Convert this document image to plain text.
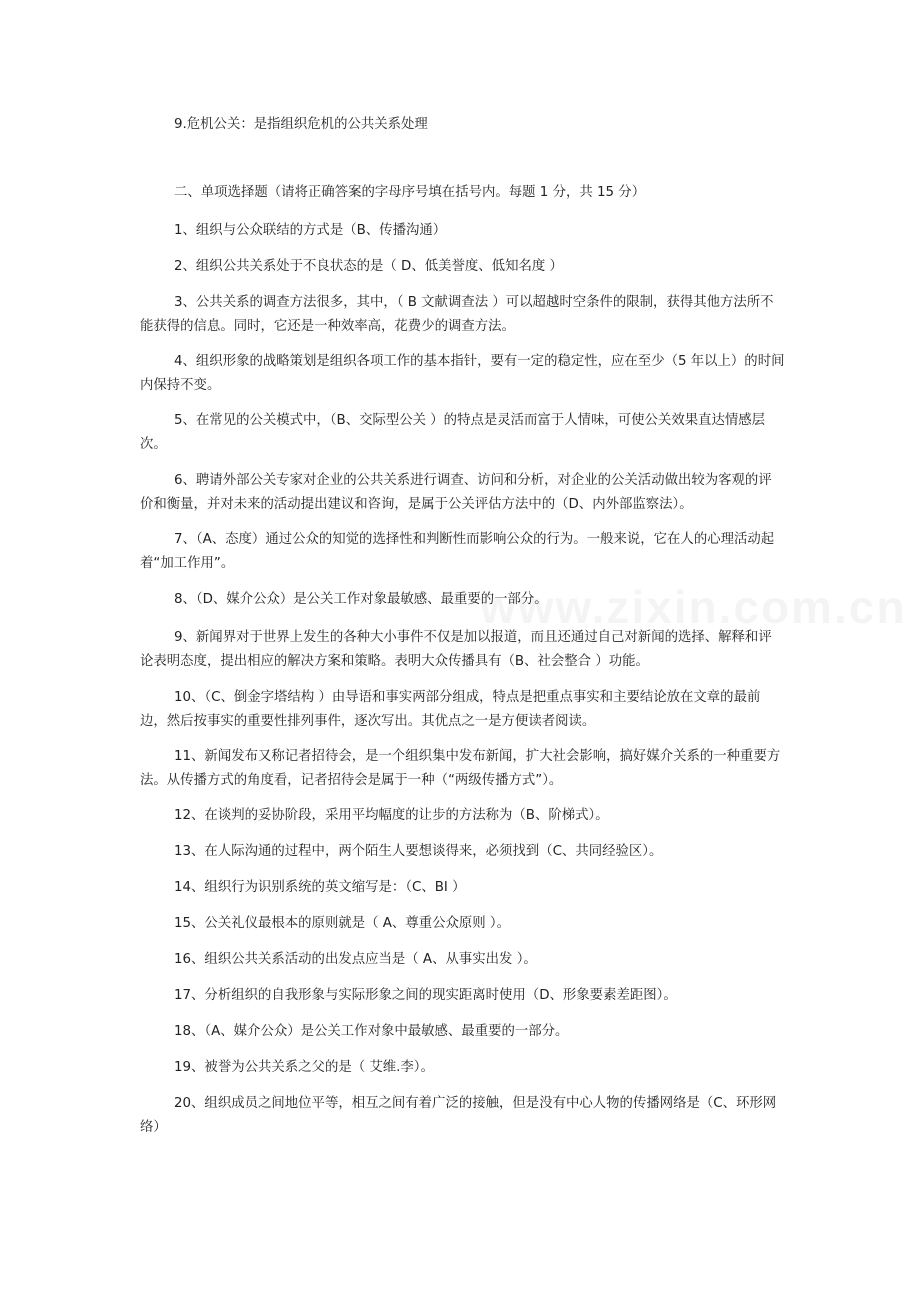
9.危机公关：是指组织危机的公共关系处理

二、单项选择题（请将正确答案的字母序号填在括号内。每题 1 分，共 15 分）

1、组织与公众联结的方式是（B、传播沟通）

2、组织公共关系处于不良状态的是（ D、低美誉度、低知名度 ）

3、公共关系的调查方法很多，其中，（ B 文献调查法 ）可以超越时空条件的限制，获得其他方法所不能获得的信息。同时，它还是一种效率高，花费少的调查方法。

4、组织形象的战略策划是组织各项工作的基本指针，要有一定的稳定性，应在至少（5 年以上）的时间内保持不变。

5、在常见的公关模式中，（B、交际型公关 ）的特点是灵活而富于人情味，可使公关效果直达情感层次。

6、聘请外部公关专家对企业的公共关系进行调查、访问和分析，对企业的公关活动做出较为客观的评价和衡量，并对未来的活动提出建议和咨询，是属于公关评估方法中的（D、内外部监察法）。

7、（A、态度）通过公众的知觉的选择性和判断性而影响公众的行为。一般来说，它在人的心理活动起着“加工作用”。

8、（D、媒介公众）是公关工作对象最敏感、最重要的一部分。

9、新闻界对于世界上发生的各种大小事件不仅是加以报道，而且还通过自己对新闻的选择、解释和评论表明态度，提出相应的解决方案和策略。表明大众传播具有（B、社会整合 ）功能。

10、（C、倒金字塔结构 ）由导语和事实两部分组成，特点是把重点事实和主要结论放在文章的最前边，然后按事实的重要性排列事件，逐次写出。其优点之一是方便读者阅读。

11、新闻发布又称记者招待会，是一个组织集中发布新闻，扩大社会影响，搞好媒介关系的一种重要方法。从传播方式的角度看，记者招待会是属于一种（“两级传播方式”）。

12、在谈判的妥协阶段，采用平均幅度的让步的方法称为（B、阶梯式）。

13、在人际沟通的过程中，两个陌生人要想谈得来，必须找到（C、共同经验区）。

14、组织行为识别系统的英文缩写是：（C、BI ）

15、公关礼仪最根本的原则就是（ A、尊重公众原则 ）。

16、组织公共关系活动的出发点应当是（ A、从事实出发 ）。

17、分析组织的自我形象与实际形象之间的现实距离时使用（D、形象要素差距图）。

18、（A、媒介公众）是公关工作对象中最敏感、最重要的一部分。

19、被誉为公共关系之父的是（ 艾维.李）。

20、组织成员之间地位平等，相互之间有着广泛的接触，但是没有中心人物的传播网络是（C、环形网络）
